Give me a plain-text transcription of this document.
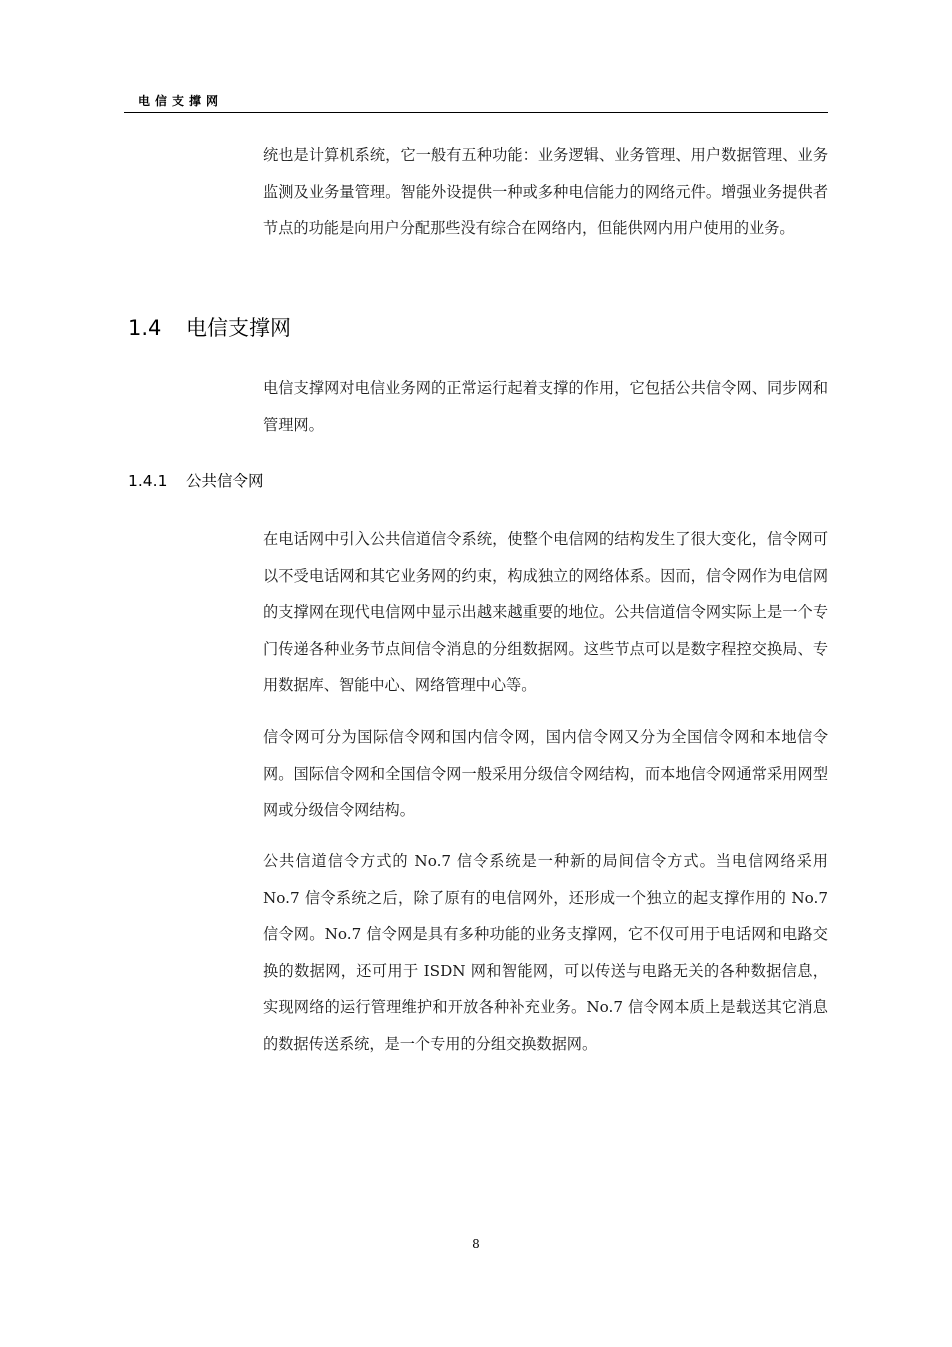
电信支撑网

统也是计算机系统，它一般有五种功能：业务逻辑、业务管理、用户数据管理、业务监测及业务量管理。智能外设提供一种或多种电信能力的网络元件。增强业务提供者节点的功能是向用户分配那些没有综合在网络内，但能供网内用户使用的业务。

1.4 电信支撑网

电信支撑网对电信业务网的正常运行起着支撑的作用，它包括公共信令网、同步网和管理网。

1.4.1 公共信令网

在电话网中引入公共信道信令系统，使整个电信网的结构发生了很大变化，信令网可以不受电话网和其它业务网的约束，构成独立的网络体系。因而，信令网作为电信网的支撑网在现代电信网中显示出越来越重要的地位。公共信道信令网实际上是一个专门传递各种业务节点间信令消息的分组数据网。这些节点可以是数字程控交换局、专用数据库、智能中心、网络管理中心等。

信令网可分为国际信令网和国内信令网，国内信令网又分为全国信令网和本地信令网。国际信令网和全国信令网一般采用分级信令网结构，而本地信令网通常采用网型网或分级信令网结构。

公共信道信令方式的 No.7 信令系统是一种新的局间信令方式。当电信网络采用 No.7 信令系统之后，除了原有的电信网外，还形成一个独立的起支撑作用的 No.7 信令网。No.7 信令网是具有多种功能的业务支撑网，它不仅可用于电话网和电路交换的数据网，还可用于 ISDN 网和智能网，可以传送与电路无关的各种数据信息，实现网络的运行管理维护和开放各种补充业务。No.7 信令网本质上是载送其它消息的数据传送系统，是一个专用的分组交换数据网。

8
